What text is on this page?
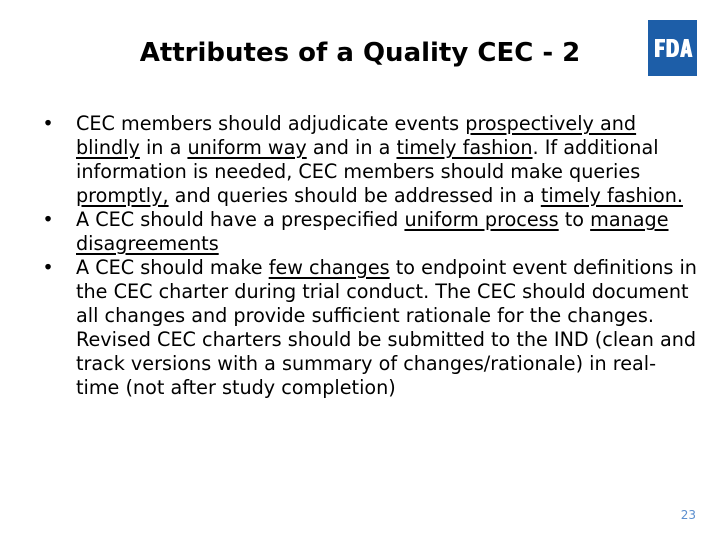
Attributes of a Quality CEC - 2
• CEC members should adjudicate events prospectively and blindly in a uniform way and in a timely fashion. If additional information is needed, CEC members should make queries promptly, and queries should be addressed in a timely fashion.
• A CEC should have a prespecified uniform process to manage disagreements
• A CEC should make few changes to endpoint event definitions in the CEC charter during trial conduct. The CEC should document all changes and provide sufficient rationale for the changes. Revised CEC charters should be submitted to the IND (clean and track versions with a summary of changes/rationale) in real-time (not after study completion)
23
